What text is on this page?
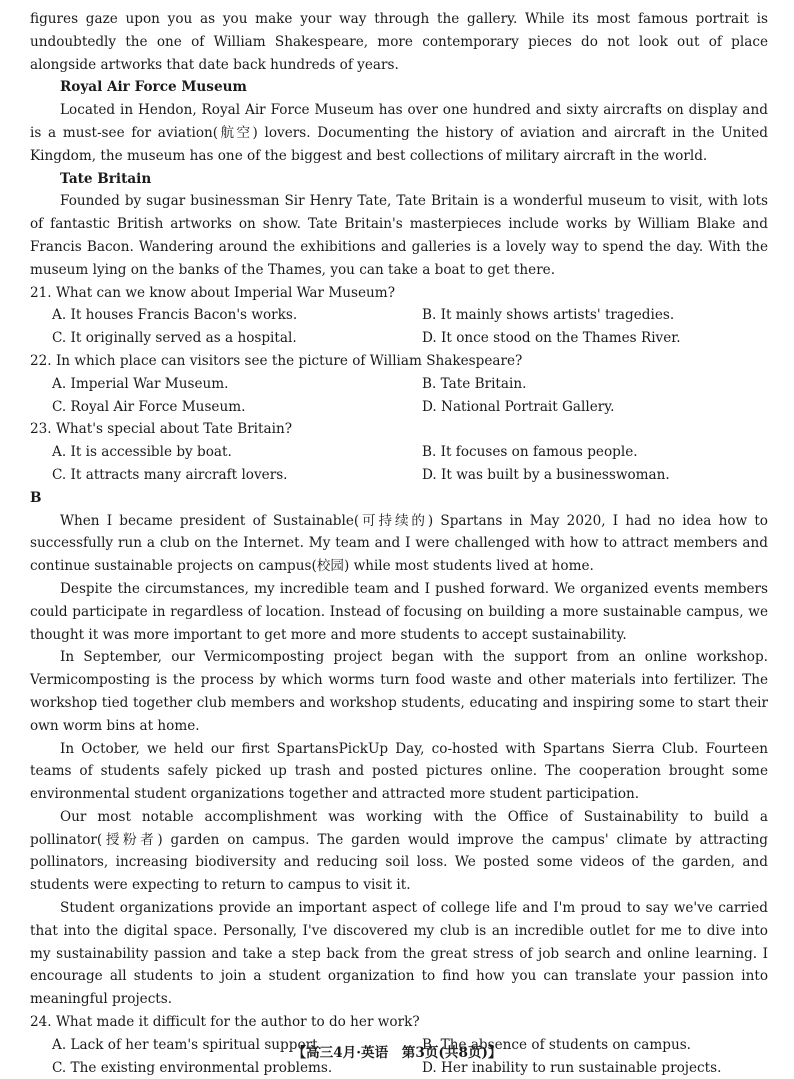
figures gaze upon you as you make your way through the gallery. While its most famous portrait is undoubtedly the one of William Shakespeare, more contemporary pieces do not look out of place alongside artworks that date back hundreds of years.

Royal Air Force Museum

Located in Hendon, Royal Air Force Museum has over one hundred and sixty aircrafts on display and is a must-see for aviation(航空) lovers. Documenting the history of aviation and aircraft in the United Kingdom, the museum has one of the biggest and best collections of military aircraft in the world.

Tate Britain

Founded by sugar businessman Sir Henry Tate, Tate Britain is a wonderful museum to visit, with lots of fantastic British artworks on show. Tate Britain's masterpieces include works by William Blake and Francis Bacon. Wandering around the exhibitions and galleries is a lovely way to spend the day. With the museum lying on the banks of the Thames, you can take a boat to get there.

21. What can we know about Imperial War Museum?

A. It houses Francis Bacon's works.	B. It mainly shows artists' tragedies.
C. It originally served as a hospital.	D. It once stood on the Thames River.

22. In which place can visitors see the picture of William Shakespeare?

A. Imperial War Museum.	B. Tate Britain.
C. Royal Air Force Museum.	D. National Portrait Gallery.

23. What's special about Tate Britain?

A. It is accessible by boat.	B. It focuses on famous people.
C. It attracts many aircraft lovers.	D. It was built by a businesswoman.

B

When I became president of Sustainable(可持续的) Spartans in May 2020, I had no idea how to successfully run a club on the Internet. My team and I were challenged with how to attract members and continue sustainable projects on campus(校园) while most students lived at home.

Despite the circumstances, my incredible team and I pushed forward. We organized events members could participate in regardless of location. Instead of focusing on building a more sustainable campus, we thought it was more important to get more and more students to accept sustainability.

In September, our Vermicomposting project began with the support from an online workshop. Vermicomposting is the process by which worms turn food waste and other materials into fertilizer. The workshop tied together club members and workshop students, educating and inspiring some to start their own worm bins at home.

In October, we held our first SpartansPickUp Day, co-hosted with Spartans Sierra Club. Fourteen teams of students safely picked up trash and posted pictures online. The cooperation brought some environmental student organizations together and attracted more student participation.

Our most notable accomplishment was working with the Office of Sustainability to build a pollinator(授粉者) garden on campus. The garden would improve the campus' climate by attracting pollinators, increasing biodiversity and reducing soil loss. We posted some videos of the garden, and students were expecting to return to campus to visit it.

Student organizations provide an important aspect of college life and I'm proud to say we've carried that into the digital space. Personally, I've discovered my club is an incredible outlet for me to dive into my sustainability passion and take a step back from the great stress of job search and online learning. I encourage all students to join a student organization to find how you can translate your passion into meaningful projects.

24. What made it difficult for the author to do her work?

A. Lack of her team's spiritual support.	B. The absence of students on campus.
C. The existing environmental problems.	D. Her inability to run sustainable projects.
【高三4月·英语　第3页(共8页)】
